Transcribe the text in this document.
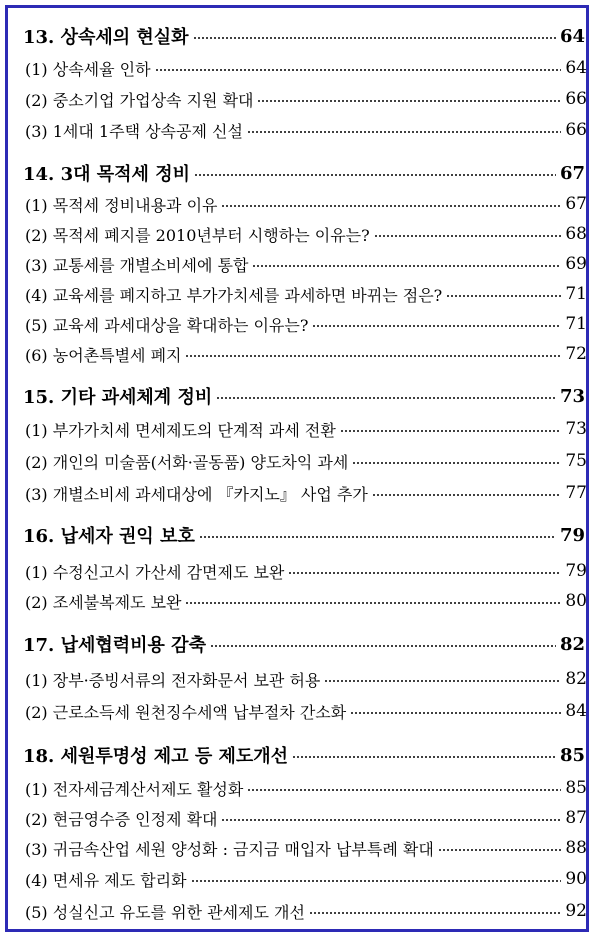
13. 상속세의 현실화	64
(1) 상속세율 인하	64
(2) 중소기업 가업상속 지원 확대	66
(3) 1세대 1주택 상속공제 신설	66
14. 3대 목적세 정비	67
(1) 목적세 정비내용과 이유	67
(2) 목적세 폐지를 2010년부터 시행하는 이유는?	68
(3) 교통세를 개별소비세에 통합	69
(4) 교육세를 폐지하고 부가가치세를 과세하면 바뀌는 점은?	71
(5) 교육세 과세대상을 확대하는 이유는?	71
(6) 농어촌특별세 폐지	72
15. 기타 과세체계 정비	73
(1) 부가가치세 면세제도의 단계적 과세 전환	73
(2) 개인의 미술품(서화·골동품) 양도차익 과세	75
(3) 개별소비세 과세대상에 『카지노』 사업 추가	77
16. 납세자 권익 보호	79
(1) 수정신고시 가산세 감면제도 보완	79
(2) 조세불복제도 보완	80
17. 납세협력비용 감축	82
(1) 장부·증빙서류의 전자화문서 보관 허용	82
(2) 근로소득세 원천징수세액 납부절차 간소화	84
18. 세원투명성 제고 등 제도개선	85
(1) 전자세금계산서제도 활성화	85
(2) 현금영수증 인정제 확대	87
(3) 귀금속산업 세원 양성화 : 금지금 매입자 납부특례 확대	88
(4) 면세유 제도 합리화	90
(5) 성실신고 유도를 위한 관세제도 개선	92
